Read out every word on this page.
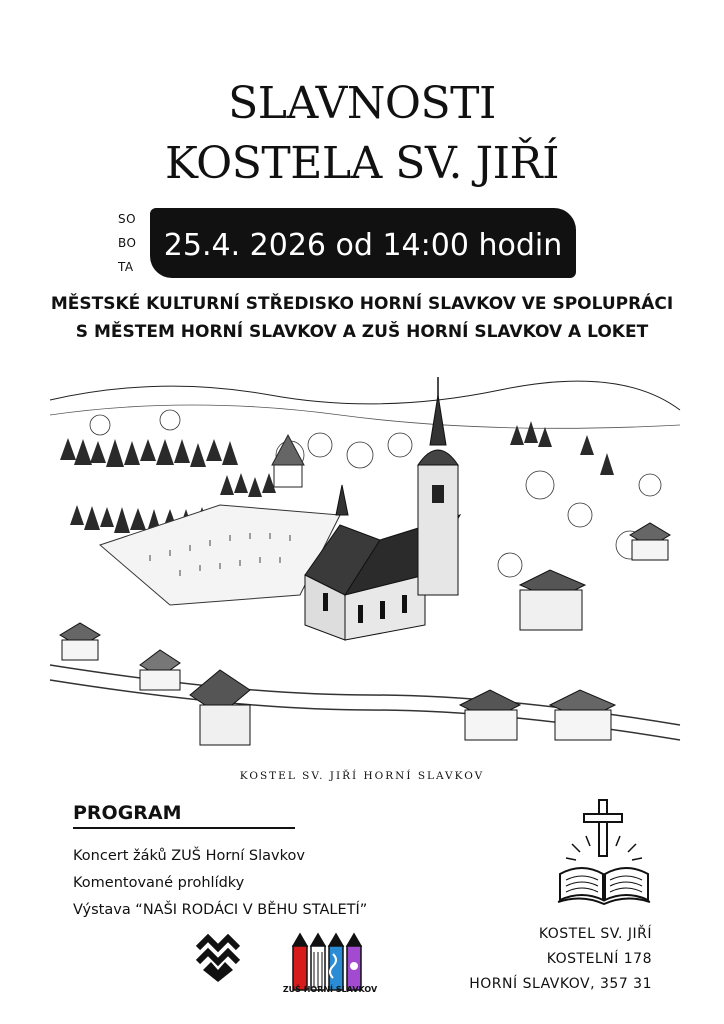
SLAVNOSTI
KOSTELA SV. JIŘÍ
SO
BO
TA
25.4. 2026 od 14:00 hodin
MĚSTSKÉ KULTURNÍ STŘEDISKO HORNÍ SLAVKOV VE SPOLUPRÁCI
S MĚSTEM HORNÍ SLAVKOV A ZUŠ HORNÍ SLAVKOV A LOKET
KOSTEL SV. JIŘÍ HORNÍ SLAVKOV
PROGRAM
Koncert žáků ZUŠ Horní Slavkov
Komentované prohlídky
Výstava “NAŠI RODÁCI V BĚHU STALETÍ”
ZUŠ HORNÍ SLAVKOV
KOSTEL SV. JIŘÍ
KOSTELNÍ 178
HORNÍ SLAVKOV, 357 31
